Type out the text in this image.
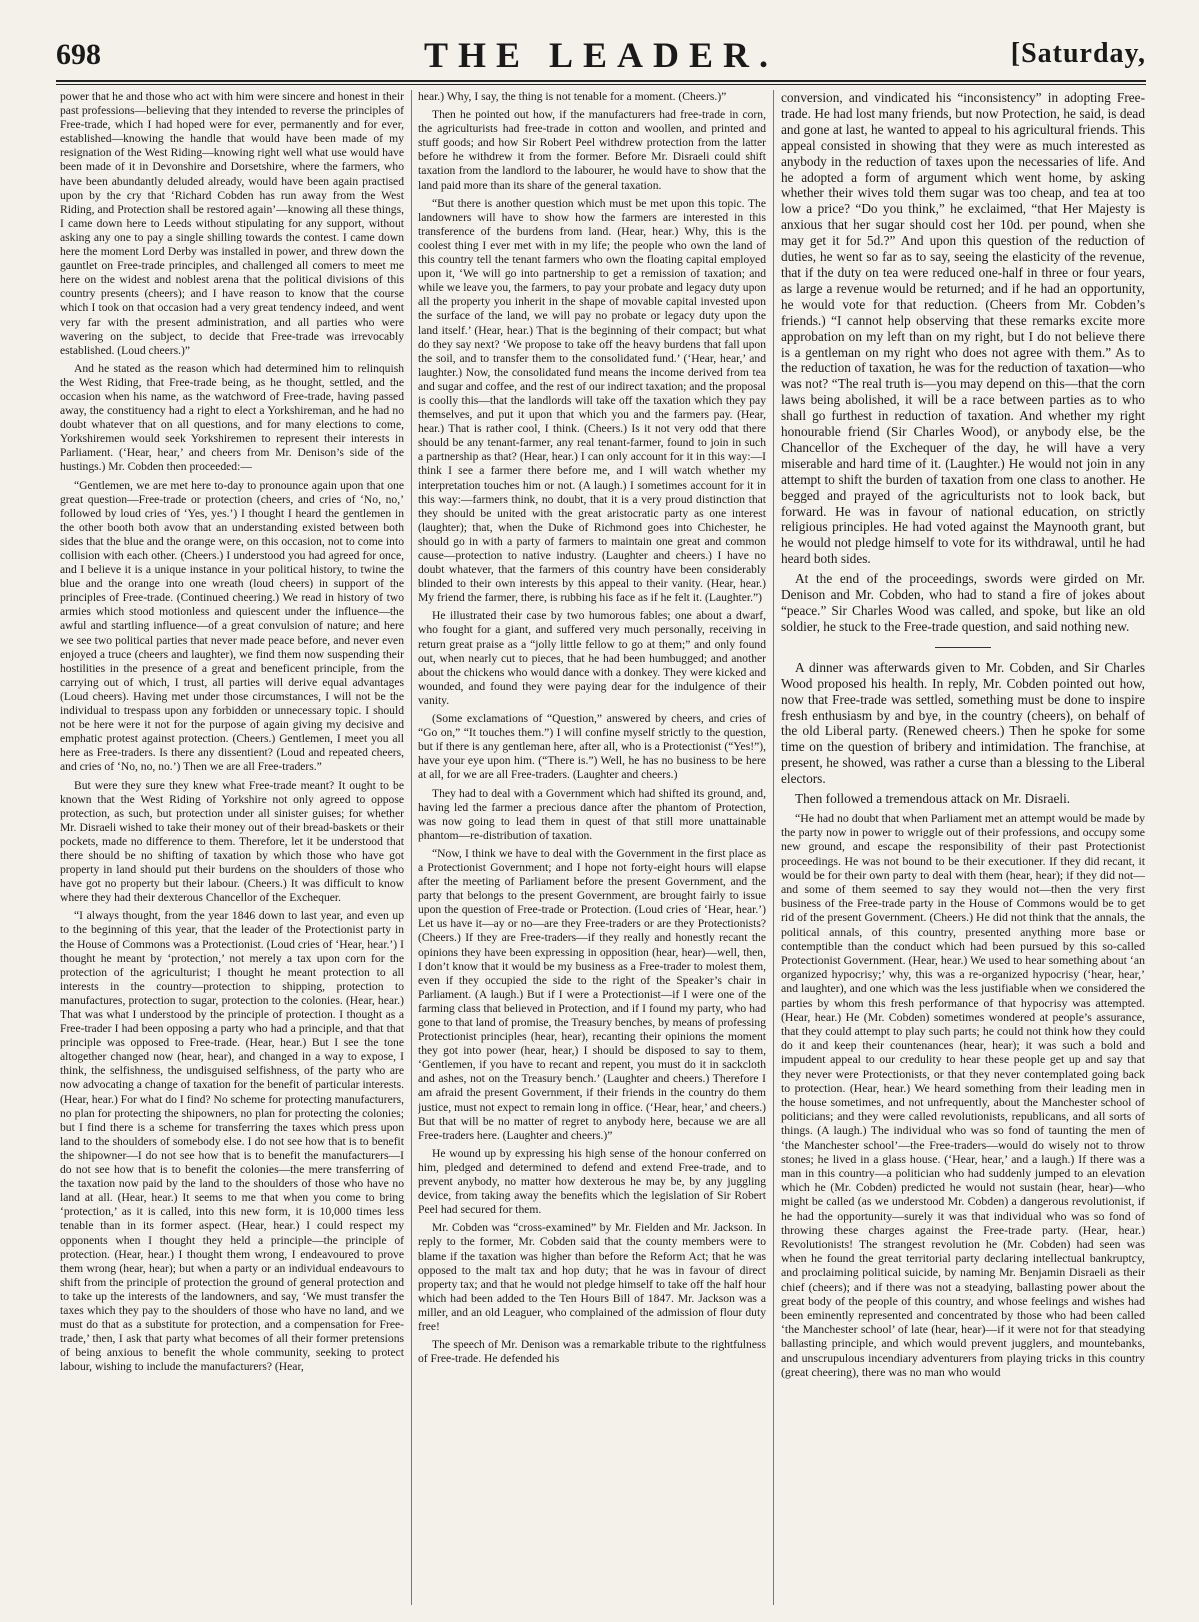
698	THE LEADER.	[Saturday,

power that he and those who act with him were sincere and honest in their past professions—believing that they intended to reverse the principles of Free-trade, which I had hoped were for ever, permanently and for ever, established—knowing the handle that would have been made of my resignation of the West Riding—knowing right well what use would have been made of it in Devonshire and Dorsetshire, where the farmers, who have been abundantly deluded already, would have been again practised upon by the cry that ‘Richard Cobden has run away from the West Riding, and Protection shall be restored again’—knowing all these things, I came down here to Leeds without stipulating for any support, without asking any one to pay a single shilling towards the contest. I came down here the moment Lord Derby was installed in power, and threw down the gauntlet on Free-trade principles, and challenged all comers to meet me here on the widest and noblest arena that the political divisions of this country presents (cheers); and I have reason to know that the course which I took on that occasion had a very great tendency indeed, and went very far with the present administration, and all parties who were wavering on the subject, to decide that Free-trade was irrevocably established. (Loud cheers.)”

And he stated as the reason which had determined him to relinquish the West Riding, that Free-trade being, as he thought, settled, and the occasion when his name, as the watchword of Free-trade, having passed away, the constituency had a right to elect a Yorkshireman, and he had no doubt whatever that on all questions, and for many elections to come, Yorkshiremen would seek Yorkshiremen to represent their interests in Parliament. (‘Hear, hear,’ and cheers from Mr. Denison’s side of the hustings.) Mr. Cobden then proceeded:—

“Gentlemen, we are met here to-day to pronounce again upon that one great question—Free-trade or protection (cheers, and cries of ‘No, no,’ followed by loud cries of ‘Yes, yes.’) I thought I heard the gentlemen in the other booth both avow that an understanding existed between both sides that the blue and the orange were, on this occasion, not to come into collision with each other. (Cheers.) I understood you had agreed for once, and I believe it is a unique instance in your political history, to twine the blue and the orange into one wreath (loud cheers) in support of the principles of Free-trade. (Continued cheering.) We read in history of two armies which stood motionless and quiescent under the influence—the awful and startling influence—of a great convulsion of nature; and here we see two political parties that never made peace before, and never even enjoyed a truce (cheers and laughter), we find them now suspending their hostilities in the presence of a great and beneficent principle, from the carrying out of which, I trust, all parties will derive equal advantages (Loud cheers). Having met under those circumstances, I will not be the individual to trespass upon any forbidden or unnecessary topic. I should not be here were it not for the purpose of again giving my decisive and emphatic protest against protection. (Cheers.) Gentlemen, I meet you all here as Free-traders. Is there any dissentient? (Loud and repeated cheers, and cries of ‘No, no, no.’) Then we are all Free-traders.”

But were they sure they knew what Free-trade meant? It ought to be known that the West Riding of Yorkshire not only agreed to oppose protection, as such, but protection under all sinister guises; for whether Mr. Disraeli wished to take their money out of their bread-baskets or their pockets, made no difference to them. Therefore, let it be understood that there should be no shifting of taxation by which those who have got property in land should put their burdens on the shoulders of those who have got no property but their labour. (Cheers.) It was difficult to know where they had their dexterous Chancellor of the Exchequer.

“I always thought, from the year 1846 down to last year, and even up to the beginning of this year, that the leader of the Protectionist party in the House of Commons was a Protectionist. (Loud cries of ‘Hear, hear.’) I thought he meant by ‘protection,’ not merely a tax upon corn for the protection of the agriculturist; I thought he meant protection to all interests in the country—protection to shipping, protection to manufactures, protection to sugar, protection to the colonies. (Hear, hear.) That was what I understood by the principle of protection. I thought as a Free-trader I had been opposing a party who had a principle, and that that principle was opposed to Free-trade. (Hear, hear.) But I see the tone altogether changed now (hear, hear), and changed in a way to expose, I think, the selfishness, the undisguised selfishness, of the party who are now advocating a change of taxation for the benefit of particular interests. (Hear, hear.) For what do I find? No scheme for protecting manufacturers, no plan for protecting the shipowners, no plan for protecting the colonies; but I find there is a scheme for transferring the taxes which press upon land to the shoulders of somebody else. I do not see how that is to benefit the shipowner—I do not see how that is to benefit the manufacturers—I do not see how that is to benefit the colonies—the mere transferring of the taxation now paid by the land to the shoulders of those who have no land at all. (Hear, hear.) It seems to me that when you come to bring ‘protection,’ as it is called, into this new form, it is 10,000 times less tenable than in its former aspect. (Hear, hear.) I could respect my opponents when I thought they held a principle—the principle of protection. (Hear, hear.) I thought them wrong, I endeavoured to prove them wrong (hear, hear); but when a party or an individual endeavours to shift from the principle of protection the ground of general protection and to take up the interests of the landowners, and say, ‘We must transfer the taxes which they pay to the shoulders of those who have no land, and we must do that as a substitute for protection, and a compensation for Free-trade,’ then, I ask that party what becomes of all their former pretensions of being anxious to benefit the whole community, seeking to protect labour, wishing to include the manufacturers? (Hear,

hear.) Why, I say, the thing is not tenable for a moment. (Cheers.)”

Then he pointed out how, if the manufacturers had free-trade in corn, the agriculturists had free-trade in cotton and woollen, and printed and stuff goods; and how Sir Robert Peel withdrew protection from the latter before he withdrew it from the former. Before Mr. Disraeli could shift taxation from the landlord to the labourer, he would have to show that the land paid more than its share of the general taxation.

“But there is another question which must be met upon this topic. The landowners will have to show how the farmers are interested in this transference of the burdens from land. (Hear, hear.) Why, this is the coolest thing I ever met with in my life; the people who own the land of this country tell the tenant farmers who own the floating capital employed upon it, ‘We will go into partnership to get a remission of taxation; and while we leave you, the farmers, to pay your probate and legacy duty upon all the property you inherit in the shape of movable capital invested upon the surface of the land, we will pay no probate or legacy duty upon the land itself.’ (Hear, hear.) That is the beginning of their compact; but what do they say next? ‘We propose to take off the heavy burdens that fall upon the soil, and to transfer them to the consolidated fund.’ (‘Hear, hear,’ and laughter.) Now, the consolidated fund means the income derived from tea and sugar and coffee, and the rest of our indirect taxation; and the proposal is coolly this—that the landlords will take off the taxation which they pay themselves, and put it upon that which you and the farmers pay. (Hear, hear.) That is rather cool, I think. (Cheers.) Is it not very odd that there should be any tenant-farmer, any real tenant-farmer, found to join in such a partnership as that? (Hear, hear.) I can only account for it in this way:—I think I see a farmer there before me, and I will watch whether my interpretation touches him or not. (A laugh.) I sometimes account for it in this way:—farmers think, no doubt, that it is a very proud distinction that they should be united with the great aristocratic party as one interest (laughter); that, when the Duke of Richmond goes into Chichester, he should go in with a party of farmers to maintain one great and common cause—protection to native industry. (Laughter and cheers.) I have no doubt whatever, that the farmers of this country have been considerably blinded to their own interests by this appeal to their vanity. (Hear, hear.) My friend the farmer, there, is rubbing his face as if he felt it. (Laughter.”)

He illustrated their case by two humorous fables; one about a dwarf, who fought for a giant, and suffered very much personally, receiving in return great praise as a “jolly little fellow to go at them;” and only found out, when nearly cut to pieces, that he had been humbugged; and another about the chickens who would dance with a donkey. They were kicked and wounded, and found they were paying dear for the indulgence of their vanity.

(Some exclamations of “Question,” answered by cheers, and cries of “Go on,” “It touches them.”) I will confine myself strictly to the question, but if there is any gentleman here, after all, who is a Protectionist (“Yes!”), have your eye upon him. (“There is.”) Well, he has no business to be here at all, for we are all Free-traders. (Laughter and cheers.)

They had to deal with a Government which had shifted its ground, and, having led the farmer a precious dance after the phantom of Protection, was now going to lead them in quest of that still more unattainable phantom—re-distribution of taxation.

“Now, I think we have to deal with the Government in the first place as a Protectionist Government; and I hope not forty-eight hours will elapse after the meeting of Parliament before the present Government, and the party that belongs to the present Government, are brought fairly to issue upon the question of Free-trade or Protection. (Loud cries of ‘Hear, hear.’) Let us have it—ay or no—are they Free-traders or are they Protectionists? (Cheers.) If they are Free-traders—if they really and honestly recant the opinions they have been expressing in opposition (hear, hear)—well, then, I don’t know that it would be my business as a Free-trader to molest them, even if they occupied the side to the right of the Speaker’s chair in Parliament. (A laugh.) But if I were a Protectionist—if I were one of the farming class that believed in Protection, and if I found my party, who had gone to that land of promise, the Treasury benches, by means of professing Protectionist principles (hear, hear), recanting their opinions the moment they got into power (hear, hear,) I should be disposed to say to them, ‘Gentlemen, if you have to recant and repent, you must do it in sackcloth and ashes, not on the Treasury bench.’ (Laughter and cheers.) Therefore I am afraid the present Government, if their friends in the country do them justice, must not expect to remain long in office. (‘Hear, hear,’ and cheers.) But that will be no matter of regret to anybody here, because we are all Free-traders here. (Laughter and cheers.)”

He wound up by expressing his high sense of the honour conferred on him, pledged and determined to defend and extend Free-trade, and to prevent anybody, no matter how dexterous he may be, by any juggling device, from taking away the benefits which the legislation of Sir Robert Peel had secured for them.

Mr. Cobden was “cross-examined” by Mr. Fielden and Mr. Jackson. In reply to the former, Mr. Cobden said that the county members were to blame if the taxation was higher than before the Reform Act; that he was opposed to the malt tax and hop duty; that he was in favour of direct property tax; and that he would not pledge himself to take off the half hour which had been added to the Ten Hours Bill of 1847. Mr. Jackson was a miller, and an old Leaguer, who complained of the admission of flour duty free!

The speech of Mr. Denison was a remarkable tribute to the rightfulness of Free-trade. He defended his

conversion, and vindicated his “inconsistency” in adopting Free-trade. He had lost many friends, but now Protection, he said, is dead and gone at last, he wanted to appeal to his agricultural friends. This appeal consisted in showing that they were as much interested as anybody in the reduction of taxes upon the necessaries of life. And he adopted a form of argument which went home, by asking whether their wives told them sugar was too cheap, and tea at too low a price? “Do you think,” he exclaimed, “that Her Majesty is anxious that her sugar should cost her 10d. per pound, when she may get it for 5d.?” And upon this question of the reduction of duties, he went so far as to say, seeing the elasticity of the revenue, that if the duty on tea were reduced one-half in three or four years, as large a revenue would be returned; and if he had an opportunity, he would vote for that reduction. (Cheers from Mr. Cobden’s friends.) “I cannot help observing that these remarks excite more approbation on my left than on my right, but I do not believe there is a gentleman on my right who does not agree with them.” As to the reduction of taxation, he was for the reduction of taxation—who was not? “The real truth is—you may depend on this—that the corn laws being abolished, it will be a race between parties as to who shall go furthest in reduction of taxation. And whether my right honourable friend (Sir Charles Wood), or anybody else, be the Chancellor of the Exchequer of the day, he will have a very miserable and hard time of it. (Laughter.) He would not join in any attempt to shift the burden of taxation from one class to another. He begged and prayed of the agriculturists not to look back, but forward. He was in favour of national education, on strictly religious principles. He had voted against the Maynooth grant, but he would not pledge himself to vote for its withdrawal, until he had heard both sides.

At the end of the proceedings, swords were girded on Mr. Denison and Mr. Cobden, who had to stand a fire of jokes about “peace.” Sir Charles Wood was called, and spoke, but like an old soldier, he stuck to the Free-trade question, and said nothing new.

A dinner was afterwards given to Mr. Cobden, and Sir Charles Wood proposed his health. In reply, Mr. Cobden pointed out how, now that Free-trade was settled, something must be done to inspire fresh enthusiasm by and bye, in the country (cheers), on behalf of the old Liberal party. (Renewed cheers.) Then he spoke for some time on the question of bribery and intimidation. The franchise, at present, he showed, was rather a curse than a blessing to the Liberal electors.

Then followed a tremendous attack on Mr. Disraeli.

“He had no doubt that when Parliament met an attempt would be made by the party now in power to wriggle out of their professions, and occupy some new ground, and escape the responsibility of their past Protectionist proceedings. He was not bound to be their executioner. If they did recant, it would be for their own party to deal with them (hear, hear); if they did not—and some of them seemed to say they would not—then the very first business of the Free-trade party in the House of Commons would be to get rid of the present Government. (Cheers.) He did not think that the annals, the political annals, of this country, presented anything more base or contemptible than the conduct which had been pursued by this so-called Protectionist Government. (Hear, hear.) We used to hear something about ‘an organized hypocrisy;’ why, this was a re-organized hypocrisy (‘hear, hear,’ and laughter), and one which was the less justifiable when we considered the parties by whom this fresh performance of that hypocrisy was attempted. (Hear, hear.) He (Mr. Cobden) sometimes wondered at people’s assurance, that they could attempt to play such parts; he could not think how they could do it and keep their countenances (hear, hear); it was such a bold and impudent appeal to our credulity to hear these people get up and say that they never were Protectionists, or that they never contemplated going back to protection. (Hear, hear.) We heard something from their leading men in the house sometimes, and not unfrequently, about the Manchester school of politicians; and they were called revolutionists, republicans, and all sorts of things. (A laugh.) The individual who was so fond of taunting the men of ‘the Manchester school’—the Free-traders—would do wisely not to throw stones; he lived in a glass house. (‘Hear, hear,’ and a laugh.) If there was a man in this country—a politician who had suddenly jumped to an elevation which he (Mr. Cobden) predicted he would not sustain (hear, hear)—who might be called (as we understood Mr. Cobden) a dangerous revolutionist, if he had the opportunity—surely it was that individual who was so fond of throwing these charges against the Free-trade party. (Hear, hear.) Revolutionists! The strangest revolution he (Mr. Cobden) had seen was when he found the great territorial party declaring intellectual bankruptcy, and proclaiming political suicide, by naming Mr. Benjamin Disraeli as their chief (cheers); and if there was not a steadying, ballasting power about the great body of the people of this country, and whose feelings and wishes had been eminently represented and concentrated by those who had been called ‘the Manchester school’ of late (hear, hear)—if it were not for that steadying ballasting principle, and which would prevent jugglers, and mountebanks, and unscrupulous incendiary adventurers from playing tricks in this country (great cheering), there was no man who would
